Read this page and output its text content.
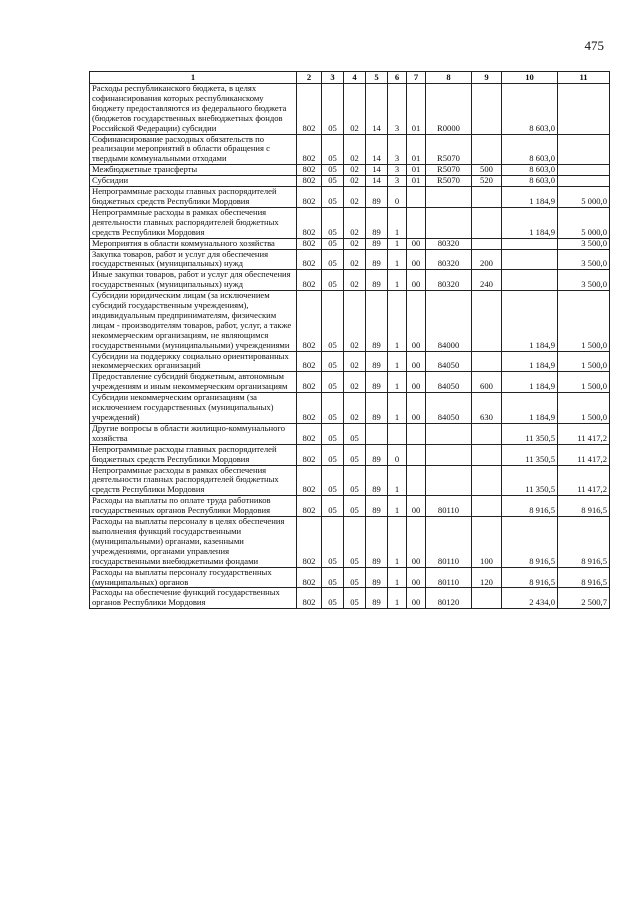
475
1	2	3	4	5	6	7	8	9	10	11
Расходы республиканского бюджета, в целях софинансирования которых республиканскому бюджету предоставляются из федерального бюджета (бюджетов государственных внебюджетных фондов Российской Федерации) субсидии	802	05	02	14	3	01	R0000		8 603,0	
Софинансирование расходных обязательств по реализации мероприятий в области обращения с твердыми коммунальными отходами	802	05	02	14	3	01	R5070		8 603,0	
Межбюджетные трансферты	802	05	02	14	3	01	R5070	500	8 603,0	
Субсидии	802	05	02	14	3	01	R5070	520	8 603,0	
Непрограммные расходы главных распорядителей бюджетных средств Республики Мордовия	802	05	02	89	0				1 184,9	5 000,0
Непрограммные расходы в рамках обеспечения деятельности главных распорядителей бюджетных средств Республики Мордовия	802	05	02	89	1				1 184,9	5 000,0
Мероприятия в области коммунального хозяйства	802	05	02	89	1	00	80320			3 500,0
Закупка товаров, работ и услуг для обеспечения государственных (муниципальных) нужд	802	05	02	89	1	00	80320	200		3 500,0
Иные закупки товаров, работ и услуг для обеспечения государственных (муниципальных) нужд	802	05	02	89	1	00	80320	240		3 500,0
Субсидии юридическим лицам (за исключением субсидий государственным учреждениям), индивидуальным предпринимателям, физическим лицам - производителям товаров, работ, услуг, а также некоммерческим организациям, не являющимся государственными (муниципальными) учреждениями	802	05	02	89	1	00	84000		1 184,9	1 500,0
Субсидии на поддержку социально ориентированных некоммерческих организаций	802	05	02	89	1	00	84050		1 184,9	1 500,0
Предоставление субсидий бюджетным, автономным учреждениям и иным некоммерческим организациям	802	05	02	89	1	00	84050	600	1 184,9	1 500,0
Субсидии некоммерческим организациям (за исключением государственных (муниципальных) учреждений)	802	05	02	89	1	00	84050	630	1 184,9	1 500,0
Другие вопросы в области жилищно-коммунального хозяйства	802	05	05						11 350,5	11 417,2
Непрограммные расходы главных распорядителей бюджетных средств Республики Мордовия	802	05	05	89	0				11 350,5	11 417,2
Непрограммные расходы в рамках обеспечения деятельности главных распорядителей бюджетных средств Республики Мордовия	802	05	05	89	1				11 350,5	11 417,2
Расходы на выплаты по оплате труда работников государственных органов Республики Мордовия	802	05	05	89	1	00	80110		8 916,5	8 916,5
Расходы на выплаты персоналу в целях обеспечения выполнения функций государственными (муниципальными) органами, казенными учреждениями, органами управления государственными внебюджетными фондами	802	05	05	89	1	00	80110	100	8 916,5	8 916,5
Расходы на выплаты персоналу государственных (муниципальных) органов	802	05	05	89	1	00	80110	120	8 916,5	8 916,5
Расходы на обеспечение функций государственных органов Республики Мордовия	802	05	05	89	1	00	80120		2 434,0	2 500,7
